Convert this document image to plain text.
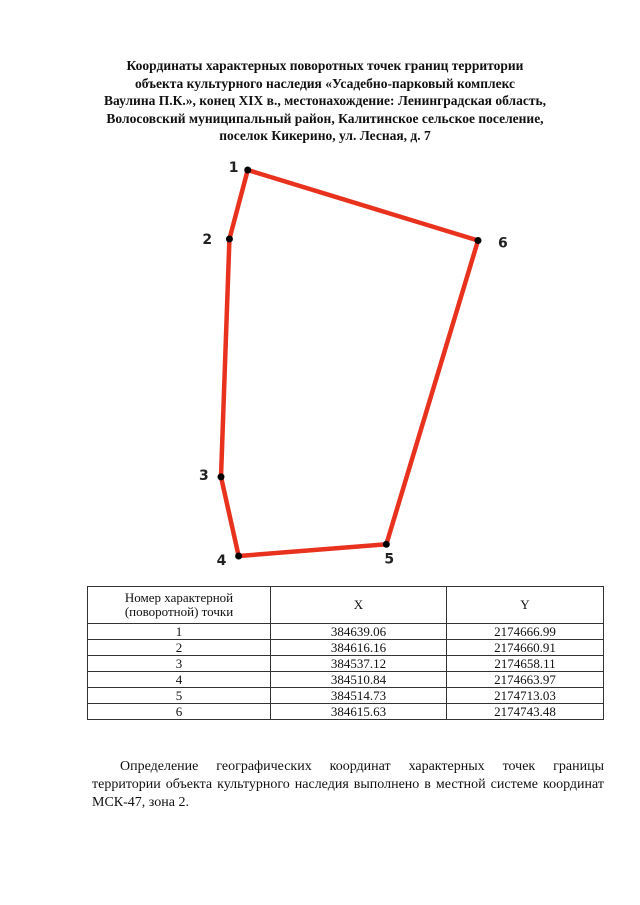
Координаты характерных поворотных точек границ территории
объекта культурного наследия «Усадебно-парковый комплекс
Ваулина П.К.», конец XIX в., местонахождение: Ленинградская область,
Волосовский муниципальный район, Калитинское сельское поселение,
поселок Кикерино, ул. Лесная, д. 7
1
2
3
4	5
6
Номер характерной (поворотной) точки	X	Y
1	384639.06	2174666.99
2	384616.16	2174660.91
3	384537.12	2174658.11
4	384510.84	2174663.97
5	384514.73	2174713.03
6	384615.63	2174743.48

Определение географических координат характерных точек границы территории объекта культурного наследия выполнено в местной системе координат МСК-47, зона 2.
